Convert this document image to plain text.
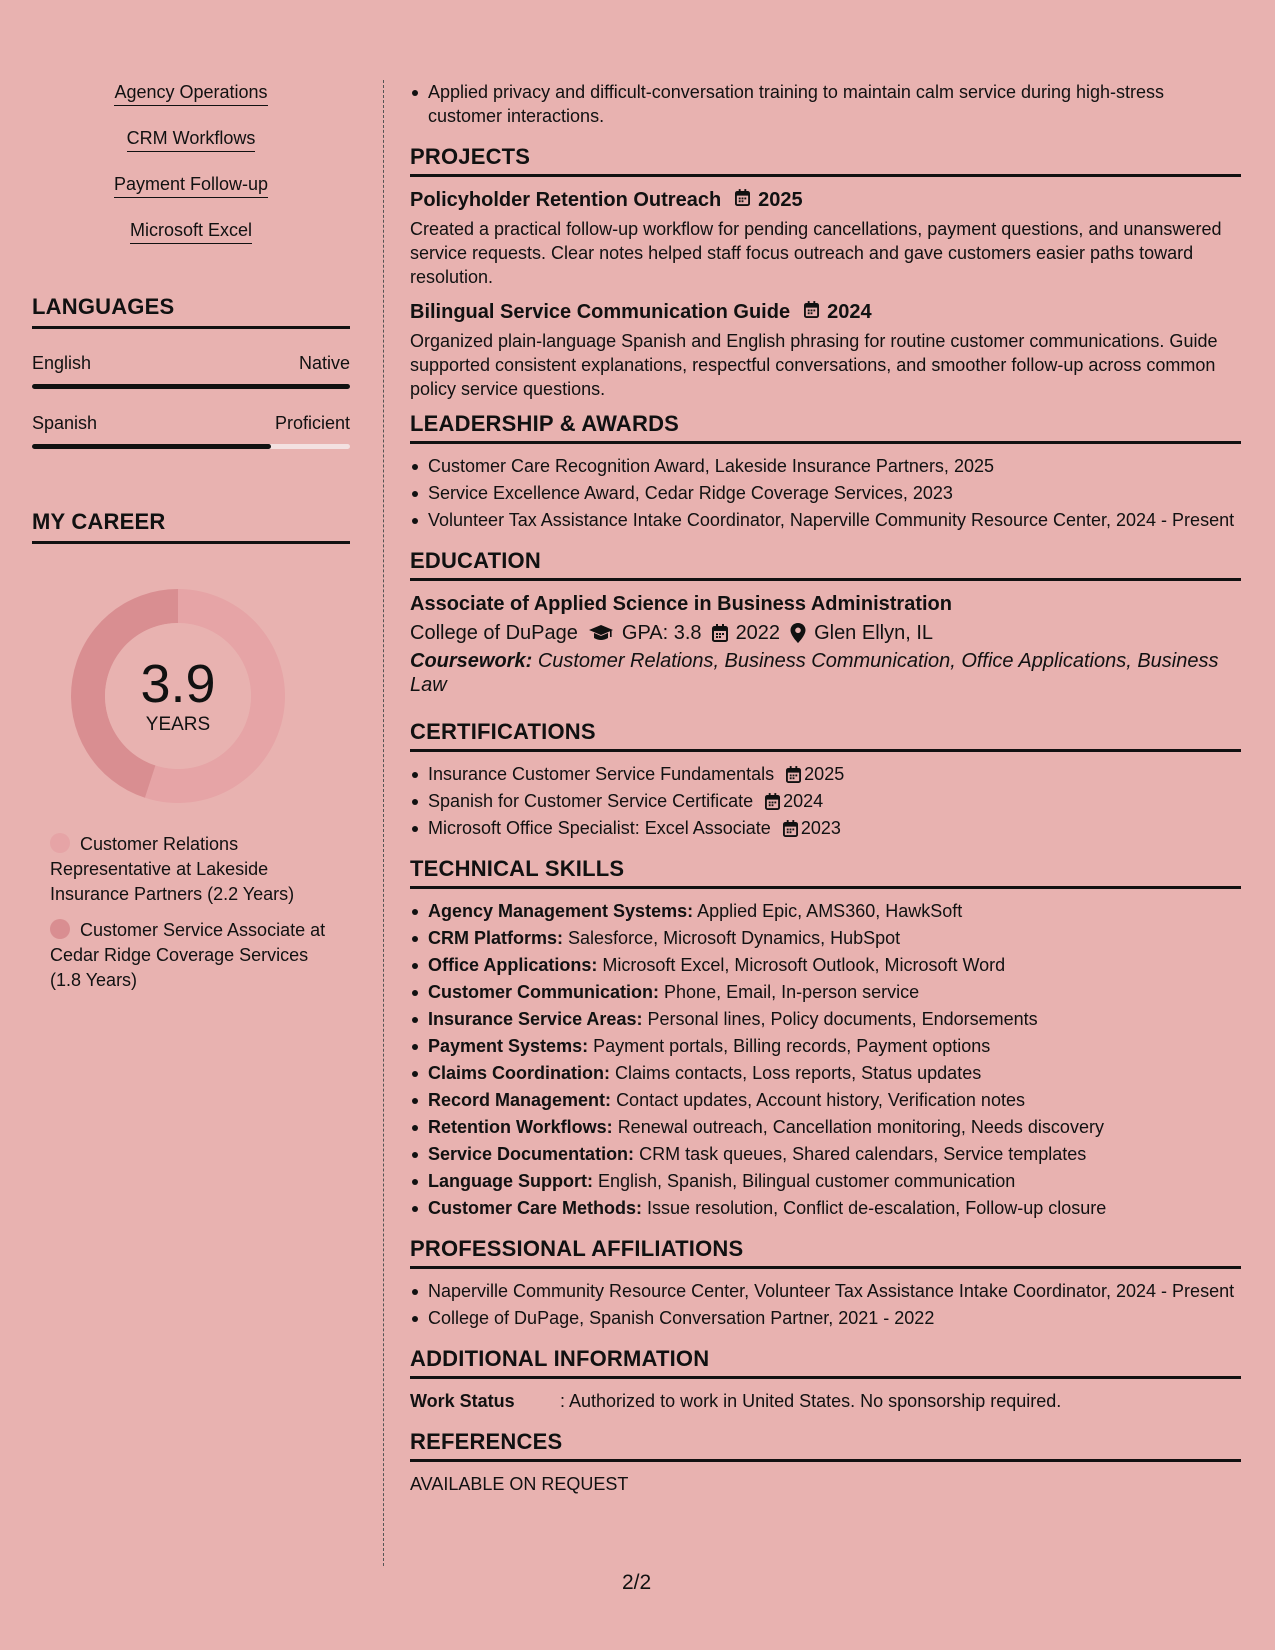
Agency Operations
CRM Workflows
Payment Follow-up
Microsoft Excel
LANGUAGES
English	Native
Spanish	Proficient
MY CAREER
3.9
YEARS
Customer Relations Representative at Lakeside Insurance Partners (2.2 Years)
Customer Service Associate at Cedar Ridge Coverage Services (1.8 Years)
Applied privacy and difficult-conversation training to maintain calm service during high-stress customer interactions.
PROJECTS
Policyholder Retention Outreach 2025
Created a practical follow-up workflow for pending cancellations, payment questions, and unanswered service requests. Clear notes helped staff focus outreach and gave customers easier paths toward resolution.
Bilingual Service Communication Guide 2024
Organized plain-language Spanish and English phrasing for routine customer communications. Guide supported consistent explanations, respectful conversations, and smoother follow-up across common policy service questions.
LEADERSHIP & AWARDS
Customer Care Recognition Award, Lakeside Insurance Partners, 2025
Service Excellence Award, Cedar Ridge Coverage Services, 2023
Volunteer Tax Assistance Intake Coordinator, Naperville Community Resource Center, 2024 - Present
EDUCATION
Associate of Applied Science in Business Administration
College of DuPage GPA: 3.8 2022 Glen Ellyn, IL
Coursework: Customer Relations, Business Communication, Office Applications, Business Law
CERTIFICATIONS
Insurance Customer Service Fundamentals 2025
Spanish for Customer Service Certificate 2024
Microsoft Office Specialist: Excel Associate 2023
TECHNICAL SKILLS
Agency Management Systems: Applied Epic, AMS360, HawkSoft
CRM Platforms: Salesforce, Microsoft Dynamics, HubSpot
Office Applications: Microsoft Excel, Microsoft Outlook, Microsoft Word
Customer Communication: Phone, Email, In-person service
Insurance Service Areas: Personal lines, Policy documents, Endorsements
Payment Systems: Payment portals, Billing records, Payment options
Claims Coordination: Claims contacts, Loss reports, Status updates
Record Management: Contact updates, Account history, Verification notes
Retention Workflows: Renewal outreach, Cancellation monitoring, Needs discovery
Service Documentation: CRM task queues, Shared calendars, Service templates
Language Support: English, Spanish, Bilingual customer communication
Customer Care Methods: Issue resolution, Conflict de-escalation, Follow-up closure
PROFESSIONAL AFFILIATIONS
Naperville Community Resource Center, Volunteer Tax Assistance Intake Coordinator, 2024 - Present
College of DuPage, Spanish Conversation Partner, 2021 - 2022
ADDITIONAL INFORMATION
Work Status	: Authorized to work in United States. No sponsorship required.
REFERENCES
AVAILABLE ON REQUEST
2/2
